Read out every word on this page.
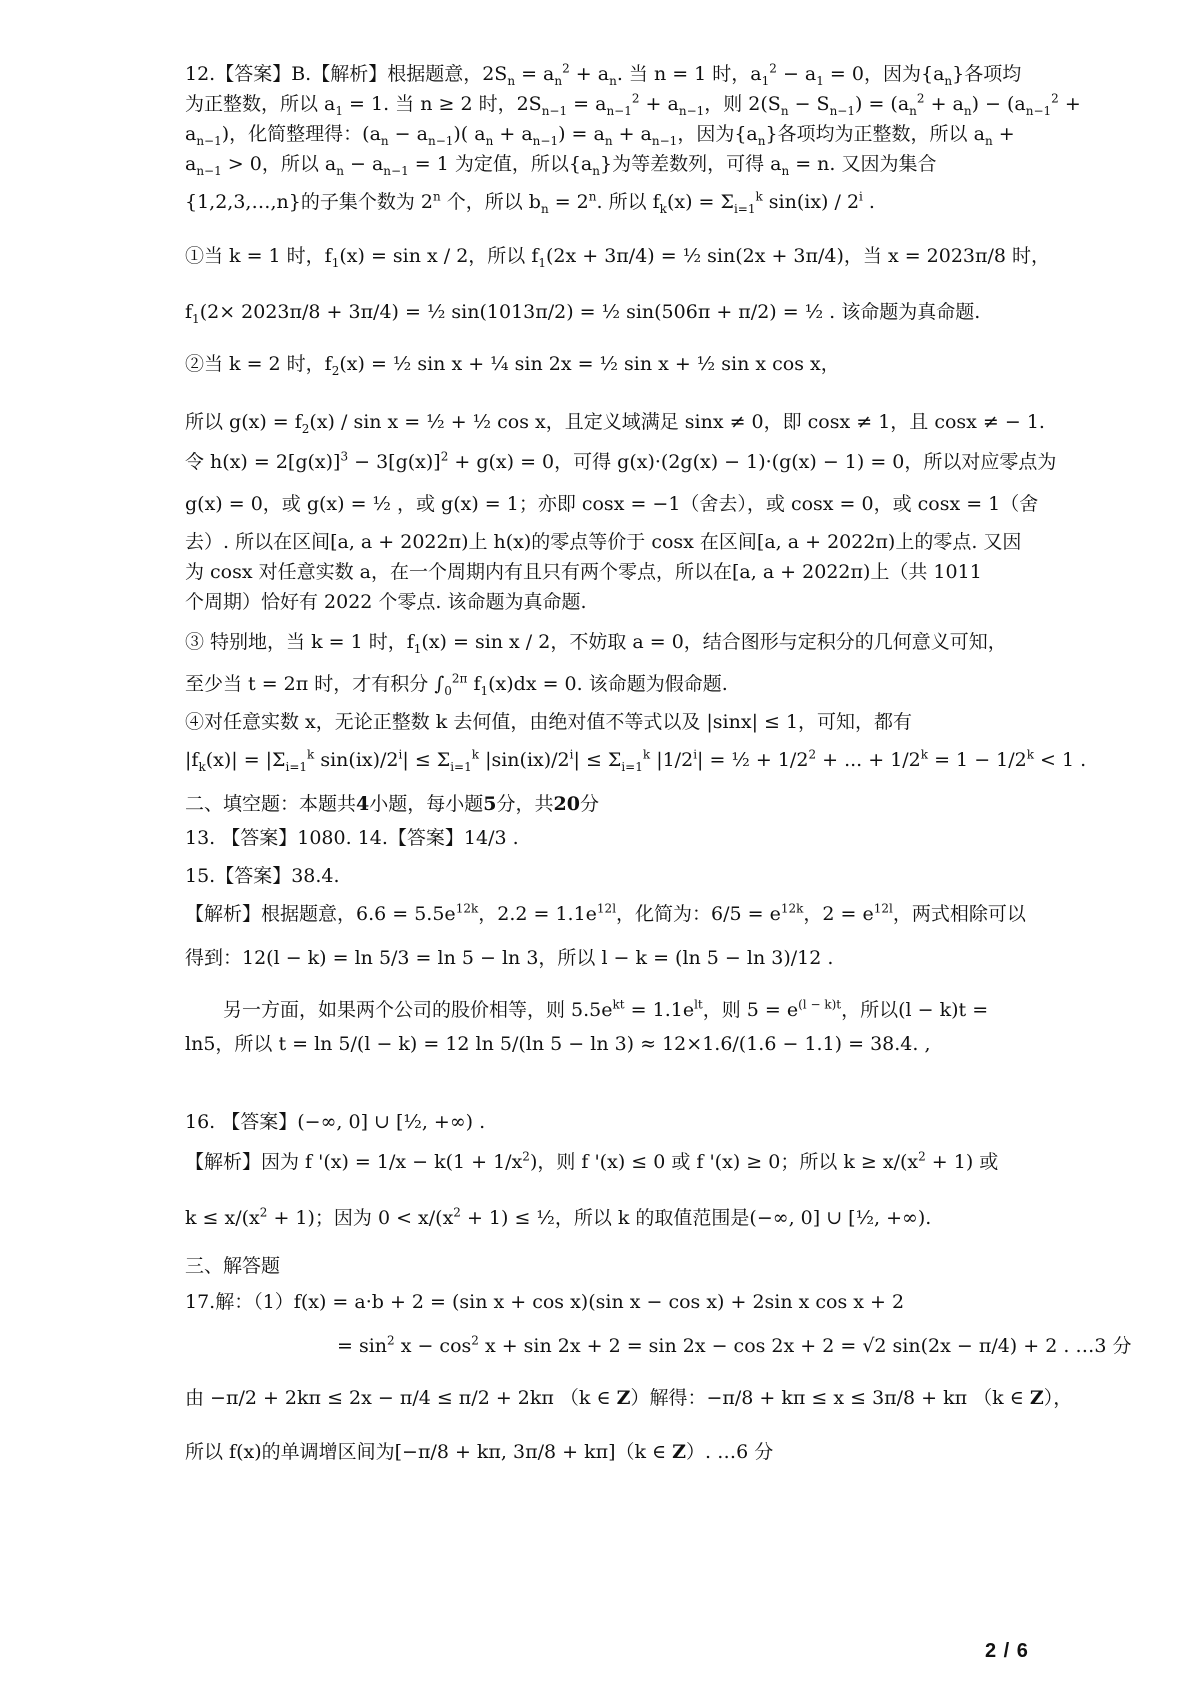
12.【答案】B.【解析】根据题意，$2S_n = a_n^2 + a_n$. 当 n = 1 时，$a_1^2 - a_1 = 0$，因为$\{a_n\}$各项均
为正整数，所以 $a_1 = 1$. 当 n ≥ 2 时，$2S_{n-1} = a_{n-1}^2 + a_{n-1}$，则 $2(S_n - S_{n-1}) = (a_n^2 + a_n) - (a_{n-1}^2$ +
$a_{n-1}$)，化简整理得：$(a_n - a_{n-1})$( $a_n + a_{n-1}) = a_n + a_{n-1}$，因为$\{a_n\}$各项均为正整数，所以 $a_n$ +
$a_{n-1} > 0$，所以 $a_n - a_{n-1} = 1$ 为定值，所以$\{a_n\}$为等差数列，可得 $a_n = n$. 又因为集合
{1,2,3,…,n}的子集个数为 2$^n$ 个，所以 $b_n = 2^n$. 所以 $f_k(x) = \Sigma_{i=1}^k$ sin(ix) / 2$^i$ .
①当 k = 1 时，$f_1(x) = \sin x / 2$，所以 $f_1(2x + 3\pi/4)$ = ½ sin(2x + 3π/4)，当 x = 2023π/8 时，
$f_1(2\times 2023\pi/8 + 3\pi/4)$ = ½ sin(1013π/2) = ½ sin(506π + π/2) = ½ . 该命题为真命题.
②当 k = 2 时，$f_2(x)$ = ½ sin x + ¼ sin 2x = ½ sin x + ½ sin x cos x，
所以 $g(x) = f_2(x) / \sin x$ = ½ + ½ cos x，且定义域满足 sinx ≠ 0，即 cosx ≠ 1，且 cosx ≠ − 1.
令 $h(x) = 2[g(x)]^3 - 3[g(x)]^2 + g(x) = 0$，可得 g(x)·(2g(x) − 1)·(g(x) − 1) = 0，所以对应零点为
g(x) = 0，或 g(x) = ½ ，或 g(x) = 1；亦即 cosx = −1（舍去），或 cosx = 0，或 cosx = 1（舍
去）. 所以在区间[a, a + 2022π)上 h(x)的零点等价于 cosx 在区间[a, a + 2022π)上的零点. 又因
为 cosx 对任意实数 a，在一个周期内有且只有两个零点，所以在[a, a + 2022π)上（共 1011
个周期）恰好有 2022 个零点. 该命题为真命题.
③ 特别地，当 k = 1 时，$f_1(x) = \sin x / 2$，不妨取 a = 0，结合图形与定积分的几何意义可知，
至少当 t = 2π 时，才有积分 $\int_0^{2\pi}$ $f_1(x)dx = 0$. 该命题为假命题.
④对任意实数 x，无论正整数 k 去何值，由绝对值不等式以及 |sinx| ≤ 1，可知，都有
$|f_k(x)| = |\Sigma_{i=1}^k$ $\sin(ix)/2^i| \le \Sigma_{i=1}^k$ $|\sin(ix)/2^i| \le \Sigma_{i=1}^k$ $|1/2^i|$ = ½ + $1/2^2$ + ... + $1/2^k = 1 - 1/2^k < 1$ .
二、填空题：本题共4小题，每小题5分，共20分
13. 【答案】1080. 14.【答案】14/3 .
15.【答案】38.4.
【解析】根据题意，$6.6 = 5.5e^{12k}$，$2.2 = 1.1e^{12l}$，化简为：$6/5 = e^{12k}$，$2 = e^{12l}$，两式相除可以
得到：12(l − k) = ln 5/3 = ln 5 − ln 3，所以 l − k = (ln 5 − ln 3)/12 .
　　另一方面，如果两个公司的股价相等，则 $5.5e^{kt} = 1.1e^{lt}$，则 $5 = e^{(l - k)t}$，所以(l − k)t =
ln5，所以 t = ln 5/(l − k) = 12 ln 5/(ln 5 − ln 3) ≈ 12×1.6/(1.6 − 1.1) = 38.4. ,
16. 【答案】(−∞, 0] ∪ [½, +∞) .
【解析】因为 f '$(x) = 1/x - k(1 + 1/x^2)$，则 f '(x) ≤ 0 或 f '(x) ≥ 0；所以 $k \ge x/(x^2 + 1)$ 或
$k \le x/(x^2 + 1)$；因为 $0 < x/(x^2 + 1)$ ≤ ½，所以 k 的取值范围是(−∞, 0] ∪ [½, +∞).
三、解答题
17.解：（1）f(x) = a·b + 2 = (sin x + cos x)(sin x − cos x) + 2sin x cos x + 2
　　　　　　　　= $\sin^2 x - \cos^2 x + \sin 2x + 2 = \sin 2x - \cos 2x + 2 = √2$ sin(2x − π/4) + 2 . …3 分
由 −π/2 + 2kπ ≤ 2x − π/4 ≤ π/2 + 2kπ （k ∈ Z）解得：−π/8 + kπ ≤ x ≤ 3π/8 + kπ （k ∈ Z），
所以 f(x)的单调增区间为[−π/8 + kπ, 3π/8 + kπ]（k ∈ Z）. …6 分
2 / 6
